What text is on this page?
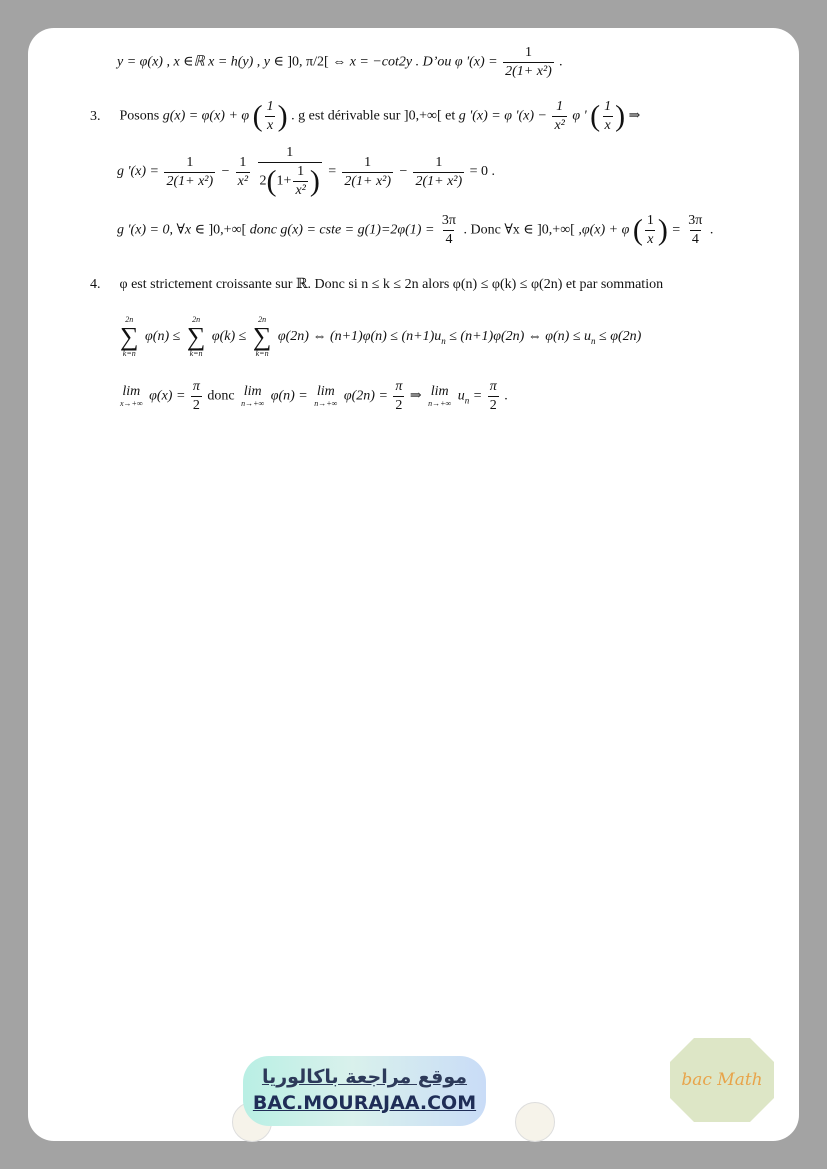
y = φ(x) , x ∈ℝ x = h(y) , y ∈ ]0, π/2[ ⇔ x = −cot2y . D’ou φ '$(x) = \frac{1}{\text{2(1+ x²)}}$ .
3. Posons g(x) = φ(x) + φ ( $\frac{1}{x}$ ) . g est dérivable sur ]0,+∞[ et g '(x) = φ '$(x) - \frac{1}{\text{x²}}$ φ ' ( $\frac{1}{x}$ ) ⇒
g '$(x) = \frac{1}{\text{2(1+ x²)}} - \frac{1}{\text{x²}}$
$\frac{1}{2(1+ \frac{1}{\text{x²}} )} = \frac{1}{\text{2(1+ x²)}} - \frac{1}{\text{2(1+ x²)}} = 0$ .
g '(x) = 0, ∀x ∈ ]0,+∞[ donc g(x) = cste = $g(1)=2\varphi(1) = \frac{3\pi}{4}$ . Donc ∀x ∈ ]0,+∞[ ,φ(x) + φ ( $\frac{1}{x}$ ) = $\frac{3\pi}{4}$ .
4. φ est strictement croissante sur ℝ. Donc si n ≤ k ≤ 2n alors φ(n) ≤ φ(k) ≤ φ(2n) et par sommation
2n
∑
k=n
φ(n) ≤
2n
∑
k=n
φ(k) ≤
2n
∑
k=n
φ(2n) ⇔ $(n+1)\varphi(n) \le (n+1)u_n \le (n+1)\varphi(2n)$ ⇔ $\varphi(n) \le u_n \le \varphi(2n)$
lim
x→+∞ $\varphi(x) = \frac{\pi}{2}$ donc lim
n→+∞ φ(n) = lim
n→+∞ $\varphi(2n) = \frac{\pi}{2}$ ⇒ lim
n→+∞ $u_n = \frac{\pi}{2}$ .
موقع مراجعة باكالوريا
BAC.MOURAJAA.COM
bac Math
